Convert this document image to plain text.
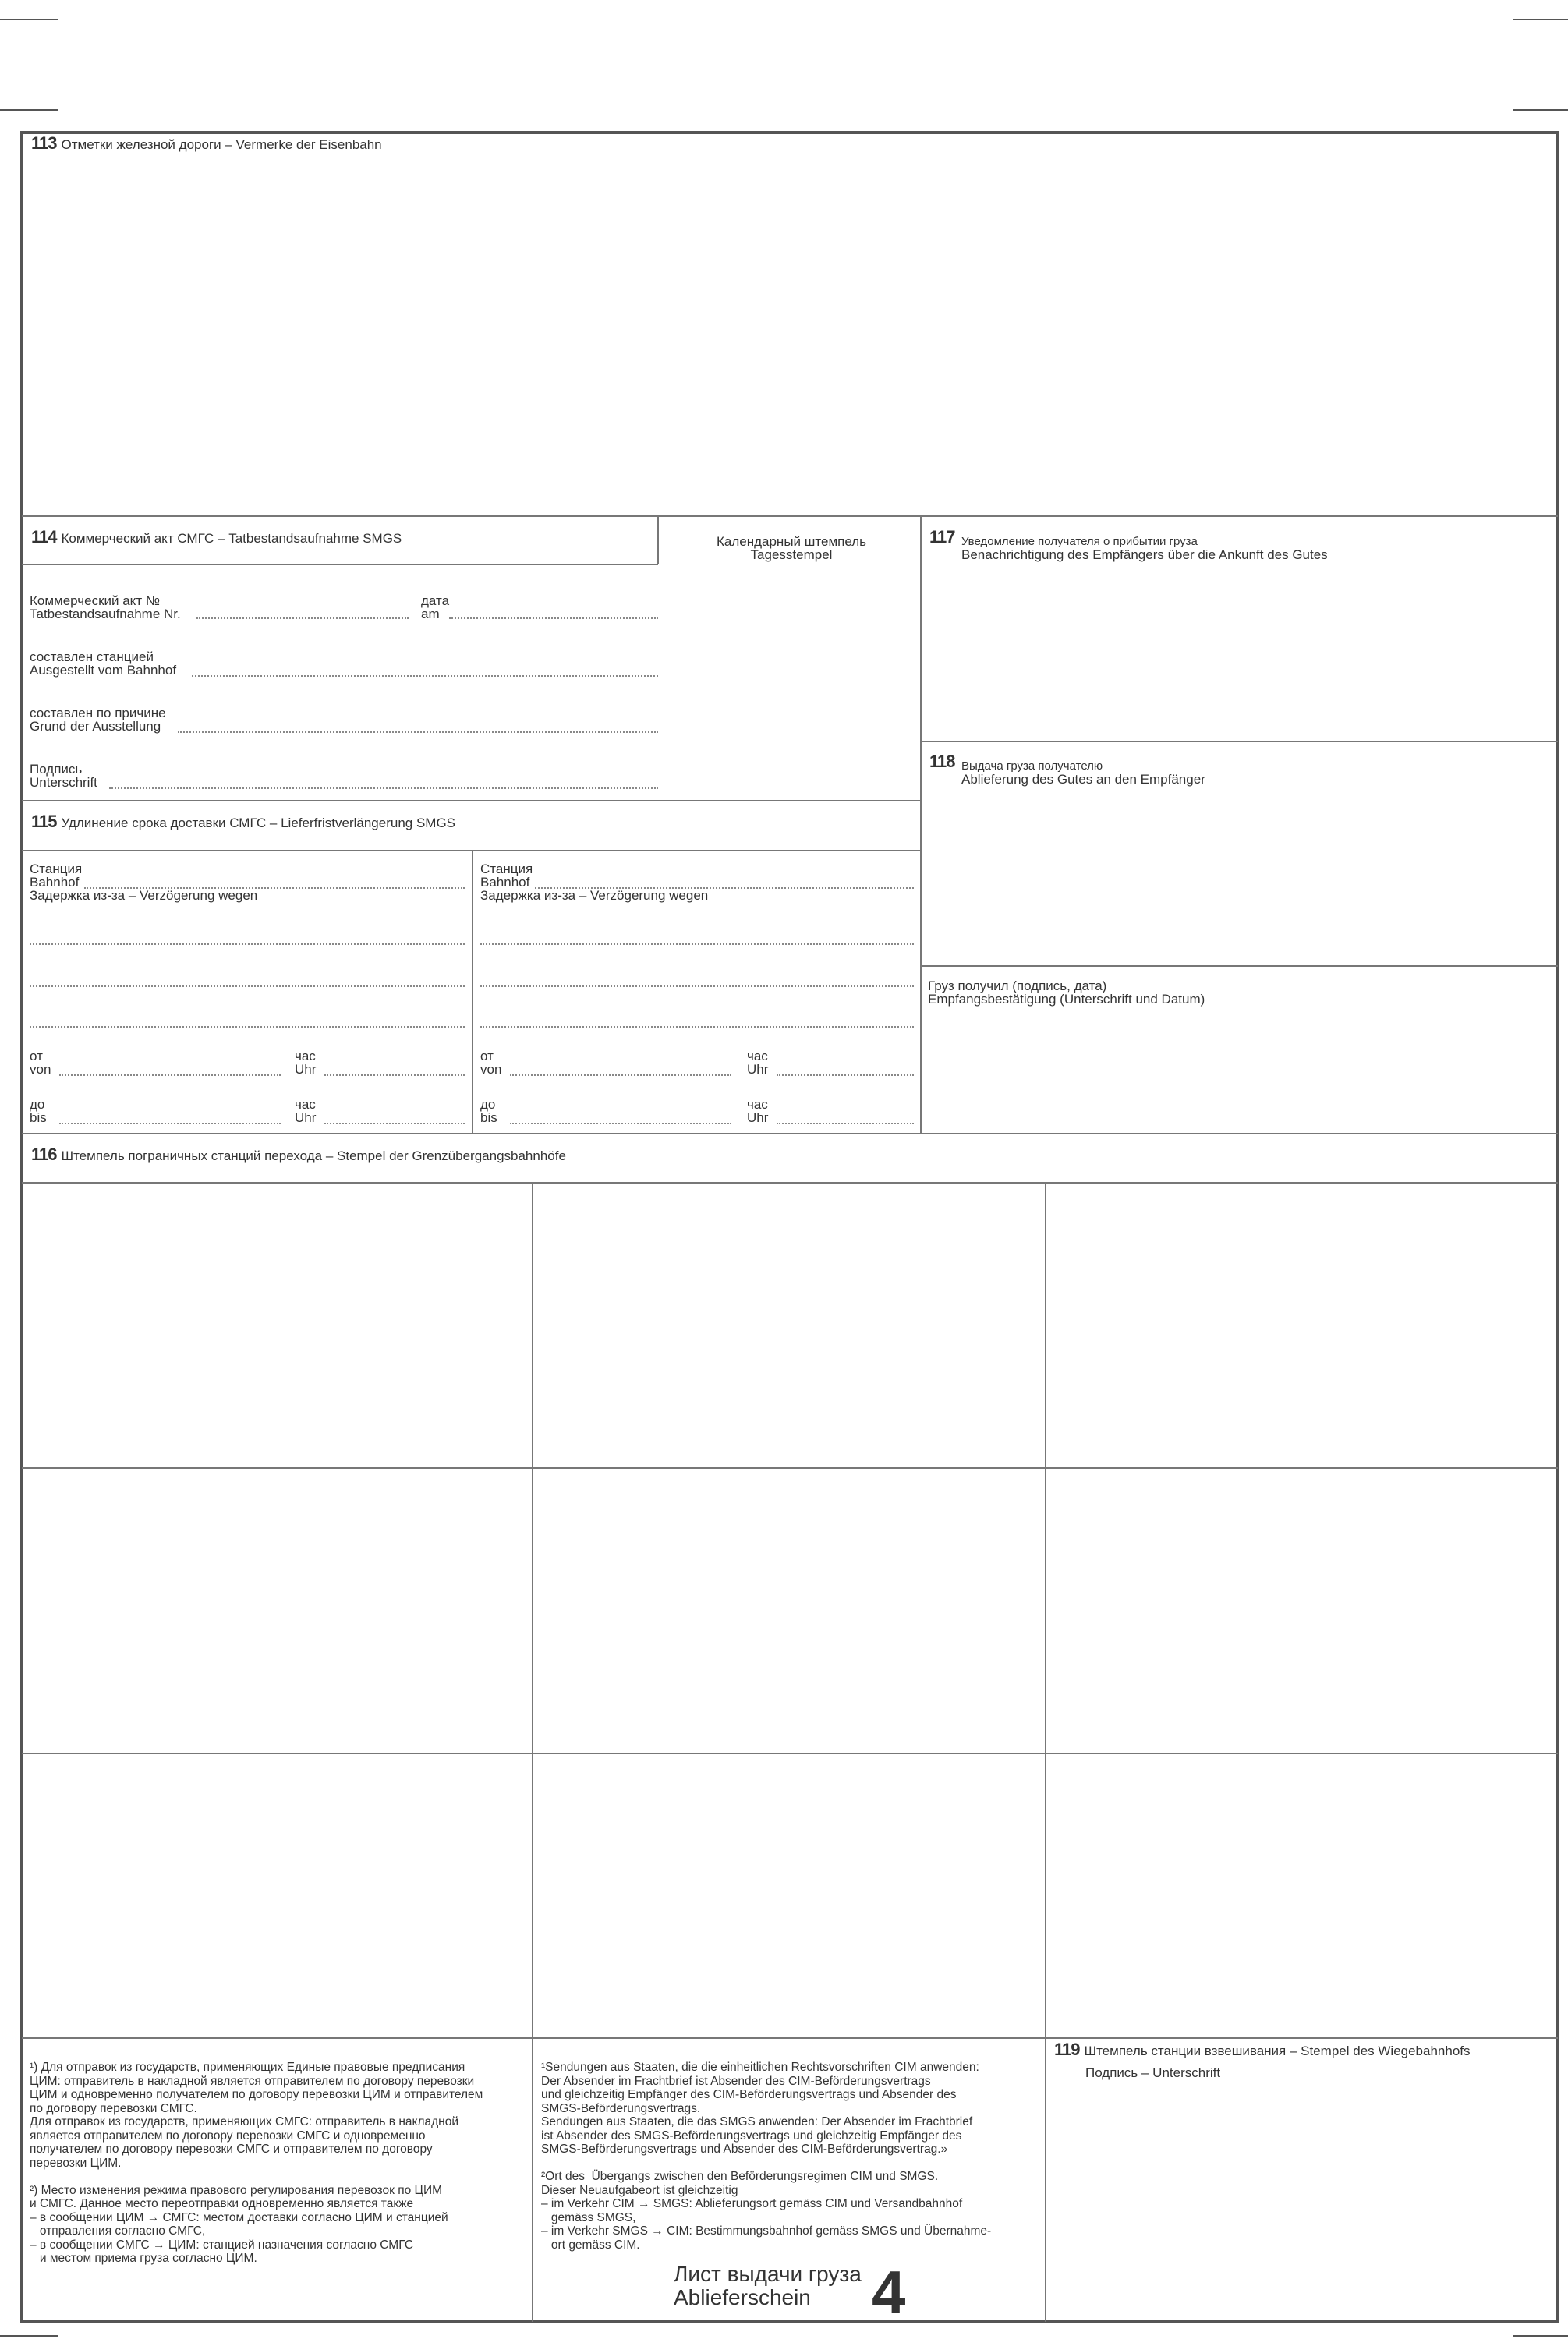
113 Отметки железной дороги – Vermerke der Eisenbahn
114 Коммерческий акт СМГС – Tatbestandsaufnahme SMGS
Коммерческий акт №
Tatbestandsaufnahme Nr.
дата
am
составлен станцией
Ausgestellt vom Bahnhof
составлен по причине
Grund der Ausstellung
Подпись
Unterschrift
Календарный штемпель
Tagesstempel
117 Уведомление получателя о прибытии груза
Benachrichtigung des Empfängers über die Ankunft des Gutes
118 Выдача груза получателю
Ablieferung des Gutes an den Empfänger
Груз получил (подпись, дата)
Empfangsbestätigung (Unterschrift und Datum)
115 Удлинение срока доставки СМГС – Lieferfristverlängerung SMGS
Станция
Bahnhof
Задержка из-за – Verzögerung wegen
от
von
час
Uhr
до
bis
час
Uhr
Станция
Bahnhof
Задержка из-за – Verzögerung wegen
от
von
час
Uhr
до
bis
час
Uhr
116 Штемпель пограничных станций перехода – Stempel der Grenzübergangsbahnhöfe
119 Штемпель станции взвешивания – Stempel des Wiegebahnhofs
Подпись – Unterschrift

¹) Для отправок из государств, применяющих Единые правовые предписания

ЦИМ: отправитель в накладной является отправителем по договору перевозки

ЦИМ и одновременно получателем по договору перевозки ЦИМ и отправителем

по договору перевозки СМГС.

Для отправок из государств, применяющих СМГС: отправитель в накладной

является отправителем по договору перевозки СМГС и одновременно

получателем по договору перевозки СМГС и отправителем по договору

перевозки ЦИМ.

²) Место изменения режима правового регулирования перевозок по ЦИМ

и СМГС. Данное место переотправки одновременно является также

– в сообщении ЦИМ → СМГС: местом доставки согласно ЦИМ и станцией

отправления согласно СМГС,

– в сообщении СМГС → ЦИМ: станцией назначения согласно СМГС

и местом приема груза согласно ЦИМ.

¹Sendungen aus Staaten, die die einheitlichen Rechtsvorschriften CIM anwenden:

Der Absender im Frachtbrief ist Absender des CIM-Beförderungsvertrags

und gleichzeitig Empfänger des CIM-Beförderungsvertrags und Absender des

SMGS-Beförderungsvertrags.

Sendungen aus Staaten, die das SMGS anwenden: Der Absender im Frachtbrief

ist Absender des SMGS-Beförderungsvertrags und gleichzeitig Empfänger des

SMGS-Beförderungsvertrags und Absender des CIM-Beförderungsvertrag.»

²Ort des  Übergangs zwischen den Beförderungsregimen CIM und SMGS.

Dieser Neuaufgabeort ist gleichzeitig

– im Verkehr CIM → SMGS: Ablieferungsort gemäss CIM und Versandbahnhof

gemäss SMGS,

– im Verkehr SMGS → CIM: Bestimmungsbahnhof gemäss SMGS und Übernahme-

ort gemäss CIM.

Лист выдачи груза
Ablieferschein	4
